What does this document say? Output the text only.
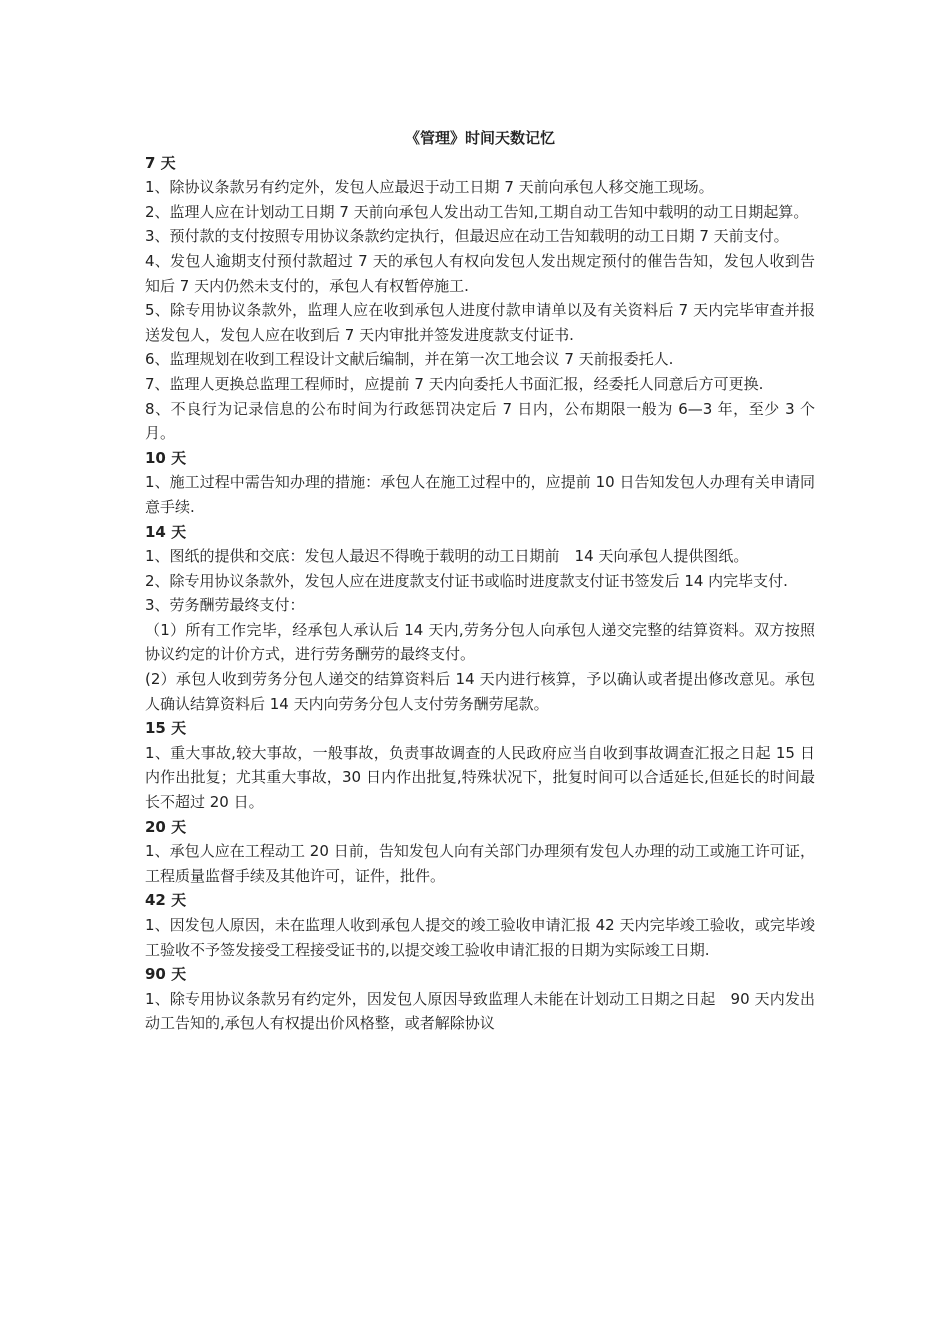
《管理》时间天数记忆

7 天

1、除协议条款另有约定外，发包人应最迟于动工日期 7 天前向承包人移交施工现场。

2、监理人应在计划动工日期 7 天前向承包人发出动工告知,工期自动工告知中载明的动工日期起算。

3、预付款的支付按照专用协议条款约定执行，但最迟应在动工告知载明的动工日期 7 天前支付。

4、发包人逾期支付预付款超过 7 天的承包人有权向发包人发出规定预付的催告告知，发包人收到告知后 7 天内仍然未支付的，承包人有权暂停施工.

5、除专用协议条款外，监理人应在收到承包人进度付款申请单以及有关资料后 7 天内完毕审查并报送发包人，发包人应在收到后 7 天内审批并签发进度款支付证书.

6、监理规划在收到工程设计文献后编制，并在第一次工地会议 7 天前报委托人.

7、监理人更换总监理工程师时，应提前 7 天内向委托人书面汇报，经委托人同意后方可更换.

8、不良行为记录信息的公布时间为行政惩罚决定后 7 日内，公布期限一般为 6—3 年，至少 3 个月。

10 天

1、施工过程中需告知办理的措施：承包人在施工过程中的，应提前 10 日告知发包人办理有关申请同意手续.

14 天

1、图纸的提供和交底：发包人最迟不得晚于载明的动工日期前　14 天向承包人提供图纸。

2、除专用协议条款外，发包人应在进度款支付证书或临时进度款支付证书签发后 14 内完毕支付.

3、劳务酬劳最终支付：

（1）所有工作完毕，经承包人承认后 14 天内,劳务分包人向承包人递交完整的结算资料。双方按照协议约定的计价方式，进行劳务酬劳的最终支付。

(2）承包人收到劳务分包人递交的结算资料后 14 天内进行核算，予以确认或者提出修改意见。承包人确认结算资料后 14 天内向劳务分包人支付劳务酬劳尾款。

15 天

1、重大事故,较大事故，一般事故，负责事故调查的人民政府应当自收到事故调查汇报之日起 15 日内作出批复；尤其重大事故，30 日内作出批复,特殊状况下，批复时间可以合适延长,但延长的时间最长不超过 20 日。

20 天

1、承包人应在工程动工 20 日前，告知发包人向有关部门办理须有发包人办理的动工或施工许可证，工程质量监督手续及其他许可，证件，批件。

42 天

1、因发包人原因，未在监理人收到承包人提交的竣工验收申请汇报 42 天内完毕竣工验收，或完毕竣工验收不予签发接受工程接受证书的,以提交竣工验收申请汇报的日期为实际竣工日期.

90 天

1、除专用协议条款另有约定外，因发包人原因导致监理人未能在计划动工日期之日起　90 天内发出动工告知的,承包人有权提出价风格整，或者解除协议
